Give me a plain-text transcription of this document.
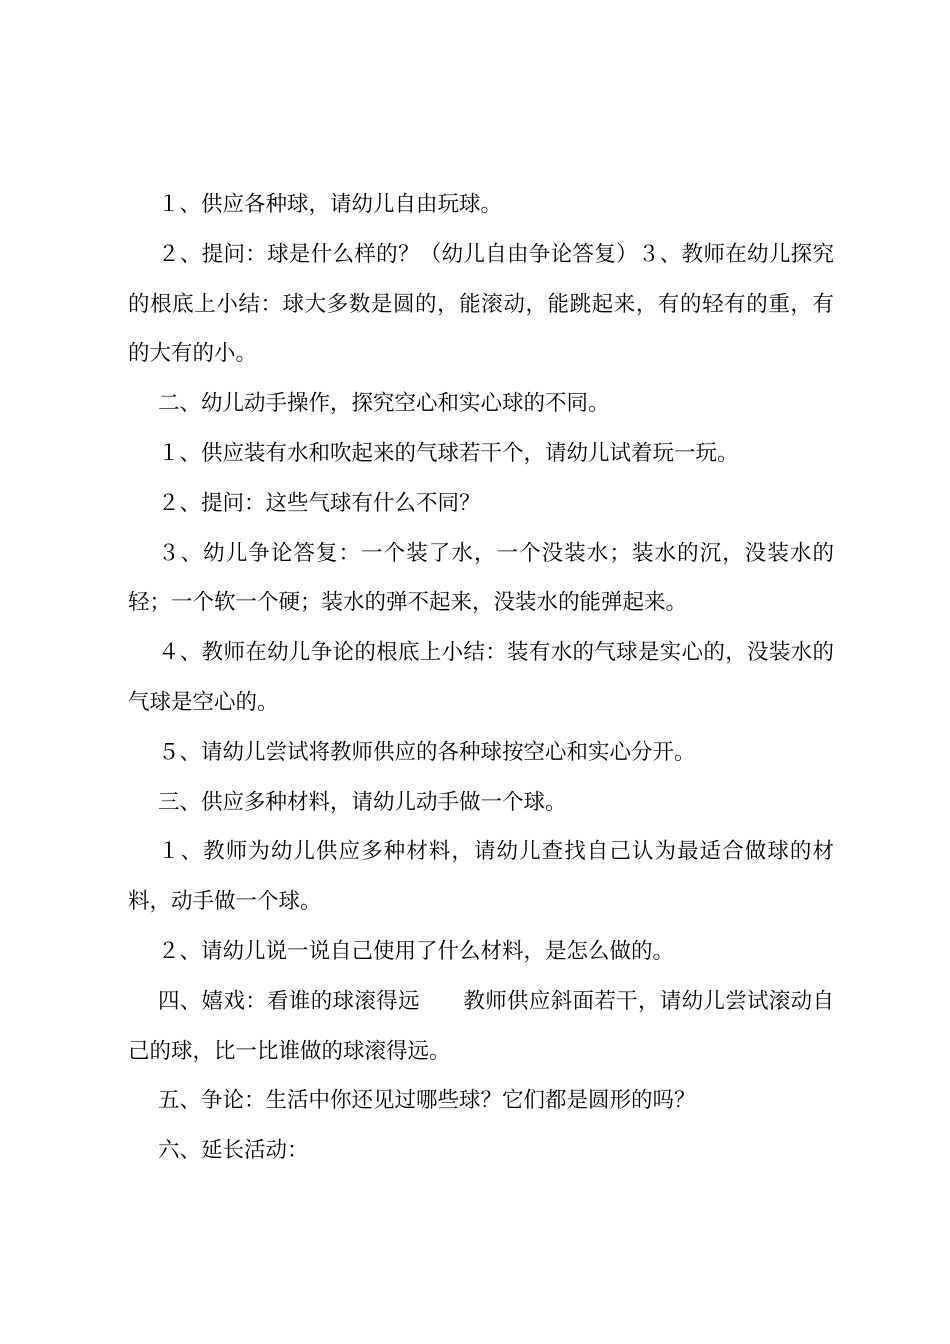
１、供应各种球，请幼儿自由玩球。

２、提问：球是什么样的？（幼儿自由争论答复）３、教师在幼儿探究的根底上小结：球大多数是圆的，能滚动，能跳起来，有的轻有的重，有的大有的小。

二、幼儿动手操作，探究空心和实心球的不同。

１、供应装有水和吹起来的气球若干个，请幼儿试着玩一玩。

２、提问：这些气球有什么不同？

３、幼儿争论答复：一个装了水，一个没装水；装水的沉，没装水的轻；一个软一个硬；装水的弹不起来，没装水的能弹起来。

４、教师在幼儿争论的根底上小结：装有水的气球是实心的，没装水的气球是空心的。

５、请幼儿尝试将教师供应的各种球按空心和实心分开。

三、供应多种材料，请幼儿动手做一个球。

１、教师为幼儿供应多种材料，请幼儿查找自己认为最适合做球的材料，动手做一个球。

２、请幼儿说一说自己使用了什么材料，是怎么做的。

四、嬉戏：看谁的球滚得远　　教师供应斜面若干，请幼儿尝试滚动自己的球，比一比谁做的球滚得远。

五、争论：生活中你还见过哪些球？它们都是圆形的吗？

六、延长活动：
